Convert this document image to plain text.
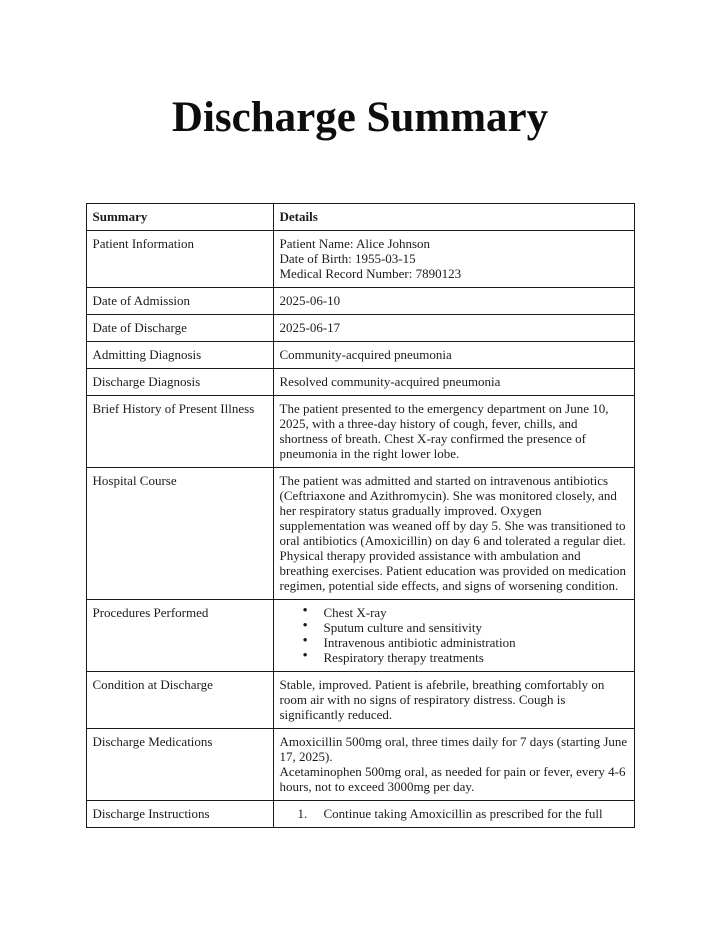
Discharge Summary
Summary	Details
Patient Information	Patient Name: Alice Johnson
Date of Birth: 1955-03-15
Medical Record Number: 7890123

Date of Admission	2025-06-10
Date of Discharge	2025-06-17
Admitting Diagnosis	Community-acquired pneumonia
Discharge Diagnosis	Resolved community-acquired pneumonia
Brief History of Present Illness	The patient presented to the emergency department on June 10, 2025, with a three-day history of cough, fever, chills, and shortness of breath. Chest X-ray confirmed the presence of pneumonia in the right lower lobe.
Hospital Course	The patient was admitted and started on intravenous antibiotics (Ceftriaxone and Azithromycin). She was monitored closely, and her respiratory status gradually improved. Oxygen supplementation was weaned off by day 5. She was transitioned to oral antibiotics (Amoxicillin) on day 6 and tolerated a regular diet. Physical therapy provided assistance with ambulation and breathing exercises. Patient education was provided on medication regimen, potential side effects, and signs of worsening condition.
Procedures Performed	
•Chest X-ray
• Sputum culture and sensitivity
• Intravenous antibiotic administration
• Respiratory therapy treatments

Condition at Discharge	Stable, improved. Patient is afebrile, breathing comfortably on room air with no signs of respiratory distress. Cough is significantly reduced.
Discharge Medications	Amoxicillin 500mg oral, three times daily for 7 days (starting June 17, 2025).
Acetaminophen 500mg oral, as needed for pain or fever, every 4-6 hours, not to exceed 3000mg per day.

Discharge Instructions	Continue taking Amoxicillin as prescribed for the full
